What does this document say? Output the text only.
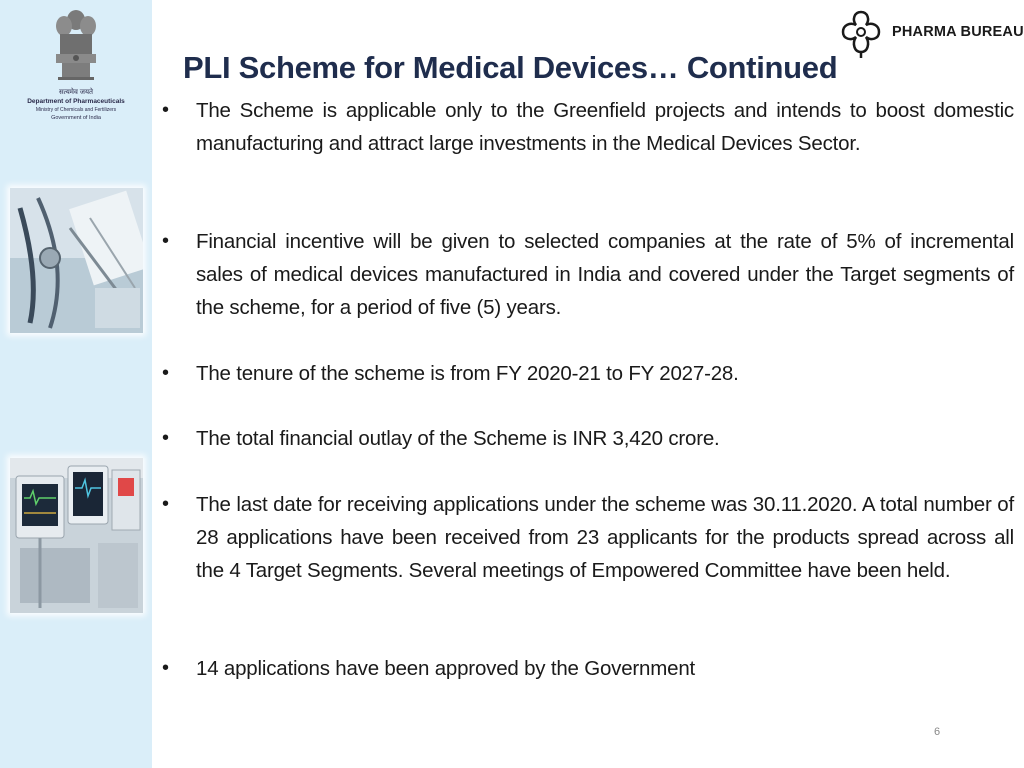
सत्यमेव जयते
Department of Pharmaceuticals
Ministry of Chemicals and Fertilizers
Government of India
PHARMA BUREAU
PLI Scheme for Medical Devices… Continued
• The Scheme is applicable only to the Greenfield projects and intends to boost domestic manufacturing and attract large investments in the Medical Devices Sector.
• Financial incentive will be given to selected companies at the rate of 5% of incremental sales of medical devices manufactured in India and covered under the Target segments of the scheme, for a period of five (5) years.
• The tenure of the scheme is from FY 2020-21 to FY 2027-28.
• The total financial outlay of the Scheme is INR 3,420 crore.
• The last date for receiving applications under the scheme was 30.11.2020. A total number of 28 applications have been received from 23 applicants for the products spread across all the 4 Target Segments. Several meetings of Empowered Committee have been held.
• 14 applications have been approved by the Government
6
